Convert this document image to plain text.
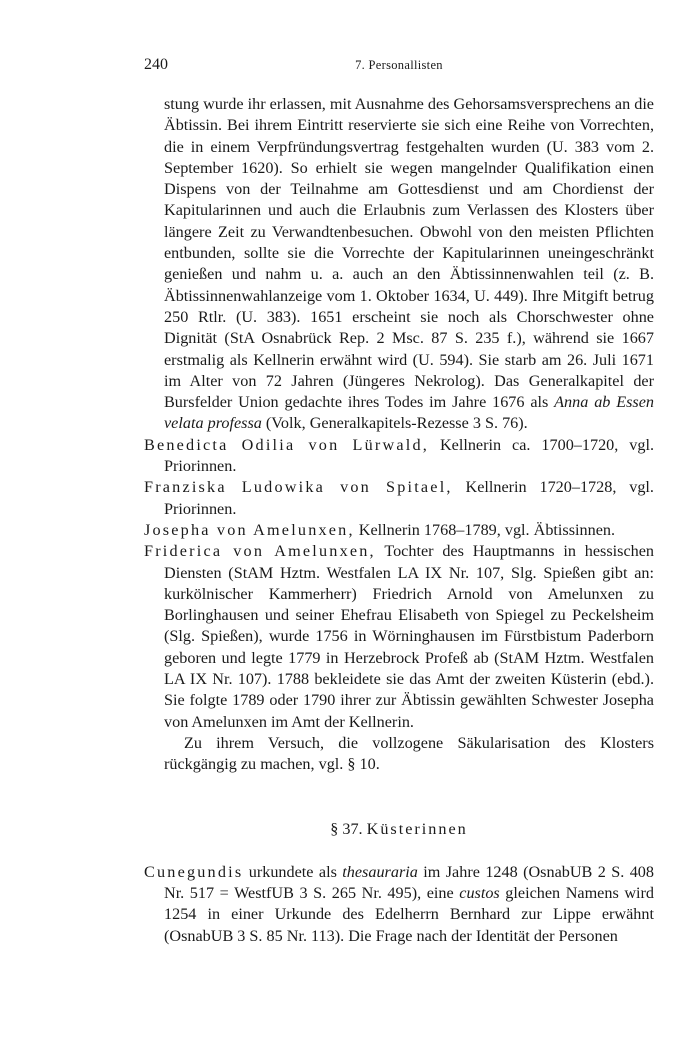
240	7. Personallisten

stung wurde ihr erlassen, mit Ausnahme des Gehorsamsversprechens an die Äbtissin. Bei ihrem Eintritt reservierte sie sich eine Reihe von Vorrechten, die in einem Verpfründungsvertrag festgehalten wurden (U. 383 vom 2. September 1620). So erhielt sie wegen mangelnder Qualifikation einen Dispens von der Teilnahme am Gottesdienst und am Chordienst der Kapitularinnen und auch die Erlaubnis zum Verlassen des Klosters über längere Zeit zu Verwandtenbesuchen. Obwohl von den meisten Pflichten entbunden, sollte sie die Vorrechte der Kapitularinnen uneingeschränkt genießen und nahm u. a. auch an den Äbtissinnenwahlen teil (z. B. Äbtissinnenwahlanzeige vom 1. Oktober 1634, U. 449). Ihre Mitgift betrug 250 Rtlr. (U. 383). 1651 erscheint sie noch als Chorschwester ohne Dignität (StA Osnabrück Rep. 2 Msc. 87 S. 235 f.), während sie 1667 erstmalig als Kellnerin erwähnt wird (U. 594). Sie starb am 26. Juli 1671 im Alter von 72 Jahren (Jüngeres Nekrolog). Das Generalkapitel der Bursfelder Union gedachte ihres Todes im Jahre 1676 als Anna ab Essen velata professa (Volk, Generalkapitels-Rezesse 3 S. 76).

Benedicta Odilia von Lürwald, Kellnerin ca. 1700–1720, vgl. Priorinnen.

Franziska Ludowika von Spitael, Kellnerin 1720–1728, vgl. Priorinnen.

Josepha von Amelunxen, Kellnerin 1768–1789, vgl. Äbtissinnen.

Friderica von Amelunxen, Tochter des Hauptmanns in hessischen Diensten (StAM Hztm. Westfalen LA IX Nr. 107, Slg. Spießen gibt an: kurkölnischer Kammerherr) Friedrich Arnold von Amelunxen zu Borlinghausen und seiner Ehefrau Elisabeth von Spiegel zu Peckelsheim (Slg. Spießen), wurde 1756 in Wörninghausen im Fürstbistum Paderborn geboren und legte 1779 in Herzebrock Profeß ab (StAM Hztm. Westfalen LA IX Nr. 107). 1788 bekleidete sie das Amt der zweiten Küsterin (ebd.). Sie folgte 1789 oder 1790 ihrer zur Äbtissin gewählten Schwester Josepha von Amelunxen im Amt der Kellnerin.

Zu ihrem Versuch, die vollzogene Säkularisation des Klosters rückgängig zu machen, vgl. § 10.

§ 37. Küsterinnen

Cunegundis urkundete als thesauraria im Jahre 1248 (OsnabUB 2 S. 408 Nr. 517 = WestfUB 3 S. 265 Nr. 495), eine custos gleichen Namens wird 1254 in einer Urkunde des Edelherrn Bernhard zur Lippe erwähnt (OsnabUB 3 S. 85 Nr. 113). Die Frage nach der Identität der Personen
